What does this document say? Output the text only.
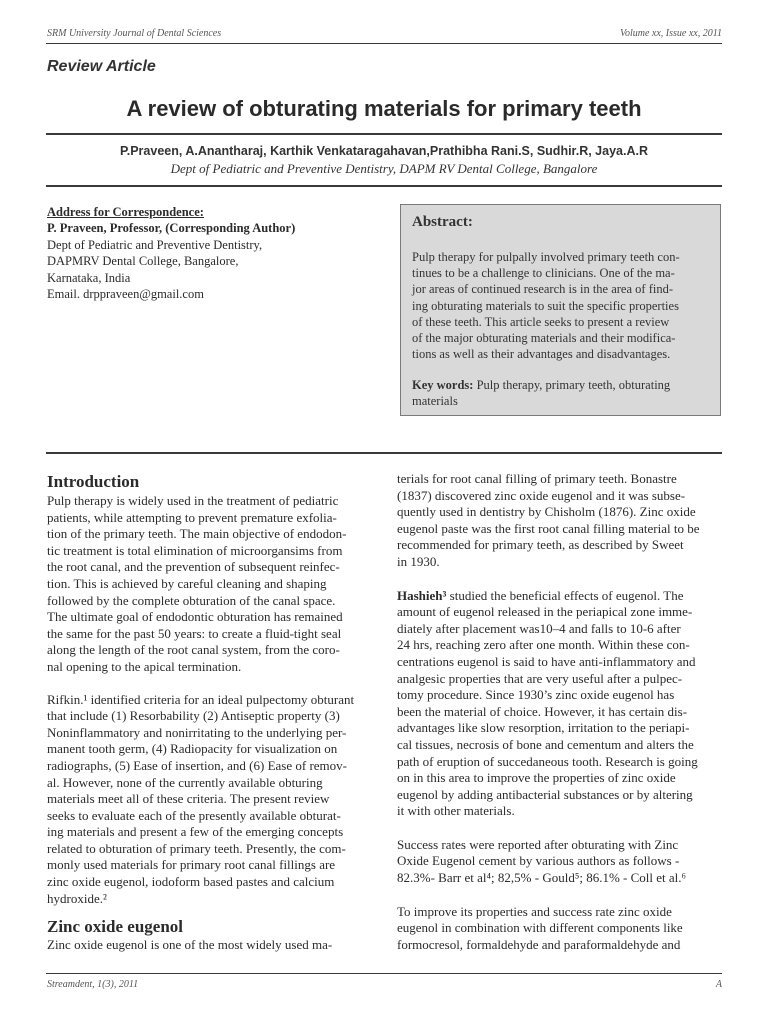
SRM University Journal of Dental Sciences	Volume xx, Issue xx, 2011
Review Article
A review of obturating materials for primary teeth
P.Praveen, A.Anantharaj, Karthik Venkataragahavan,Prathibha Rani.S, Sudhir.R, Jaya.A.R
Dept of Pediatric and Preventive Dentistry, DAPM RV Dental College, Bangalore
Address for Correspondence:
P. Praveen, Professor, (Corresponding Author)
Dept of Pediatric and Preventive Dentistry,
DAPMRV Dental College, Bangalore,
Karnataka, India
Email. drppraveen@gmail.com
Abstract:
Pulp therapy for pulpally involved primary teeth con-
tinues to be a challenge to clinicians. One of the ma-
jor areas of continued research is in the area of find-
ing obturating materials to suit the specific properties
of these teeth. This article seeks to present a review
of the major obturating materials and their modifica-
tions as well as their advantages and disadvantages.
Key words: Pulp therapy, primary teeth, obturating
materials
Introduction
Pulp therapy is widely used in the treatment of pediatric
patients, while attempting to prevent premature exfolia-
tion of the primary teeth. The main objective of endodon-
tic treatment is total elimination of microorgansims from
the root canal, and the prevention of subsequent reinfec-
tion. This is achieved by careful cleaning and shaping
followed by the complete obturation of the canal space.
The ultimate goal of endodontic obturation has remained
the same for the past 50 years: to create a fluid-tight seal
along the length of the root canal system, from the coro-
nal opening to the apical termination.
Rifkin.¹ identified criteria for an ideal pulpectomy obturant
that include (1) Resorbability (2) Antiseptic property (3)
Noninflammatory and nonirritating to the underlying per-
manent tooth germ, (4) Radiopacity for visualization on
radiographs, (5) Ease of insertion, and (6) Ease of remov-
al. However, none of the currently available obturing
materials meet all of these criteria. The present review
seeks to evaluate each of the presently available obturat-
ing materials and present a few of the emerging concepts
related to obturation of primary teeth. Presently, the com-
monly used materials for primary root canal fillings are
zinc oxide eugenol, iodoform based pastes and calcium
hydroxide.²
Zinc oxide eugenol
Zinc oxide eugenol is one of the most widely used ma-
terials for root canal filling of primary teeth. Bonastre
(1837) discovered zinc oxide eugenol and it was subse-
quently used in dentistry by Chisholm (1876). Zinc oxide
eugenol paste was the first root canal filling material to be
recommended for primary teeth, as described by Sweet
in 1930.
Hashieh³ studied the beneficial effects of eugenol. The
amount of eugenol released in the periapical zone imme-
diately after placement was10–4 and falls to 10-6 after
24 hrs, reaching zero after one month. Within these con-
centrations eugenol is said to have anti-inflammatory and
analgesic properties that are very useful after a pulpec-
tomy procedure. Since 1930’s zinc oxide eugenol has
been the material of choice. However, it has certain dis-
advantages like slow resorption, irritation to the periapi-
cal tissues, necrosis of bone and cementum and alters the
path of eruption of succedaneous tooth. Research is going
on in this area to improve the properties of zinc oxide
eugenol by adding antibacterial substances or by altering
it with other materials.
Success rates were reported after obturating with Zinc
Oxide Eugenol cement by various authors as follows -
82.3%- Barr et al⁴; 82,5% - Gould⁵; 86.1% - Coll et al.⁶
To improve its properties and success rate zinc oxide
eugenol in combination with different components like
formocresol, formaldehyde and paraformaldehyde and
Streamdent, 1(3), 2011	A
